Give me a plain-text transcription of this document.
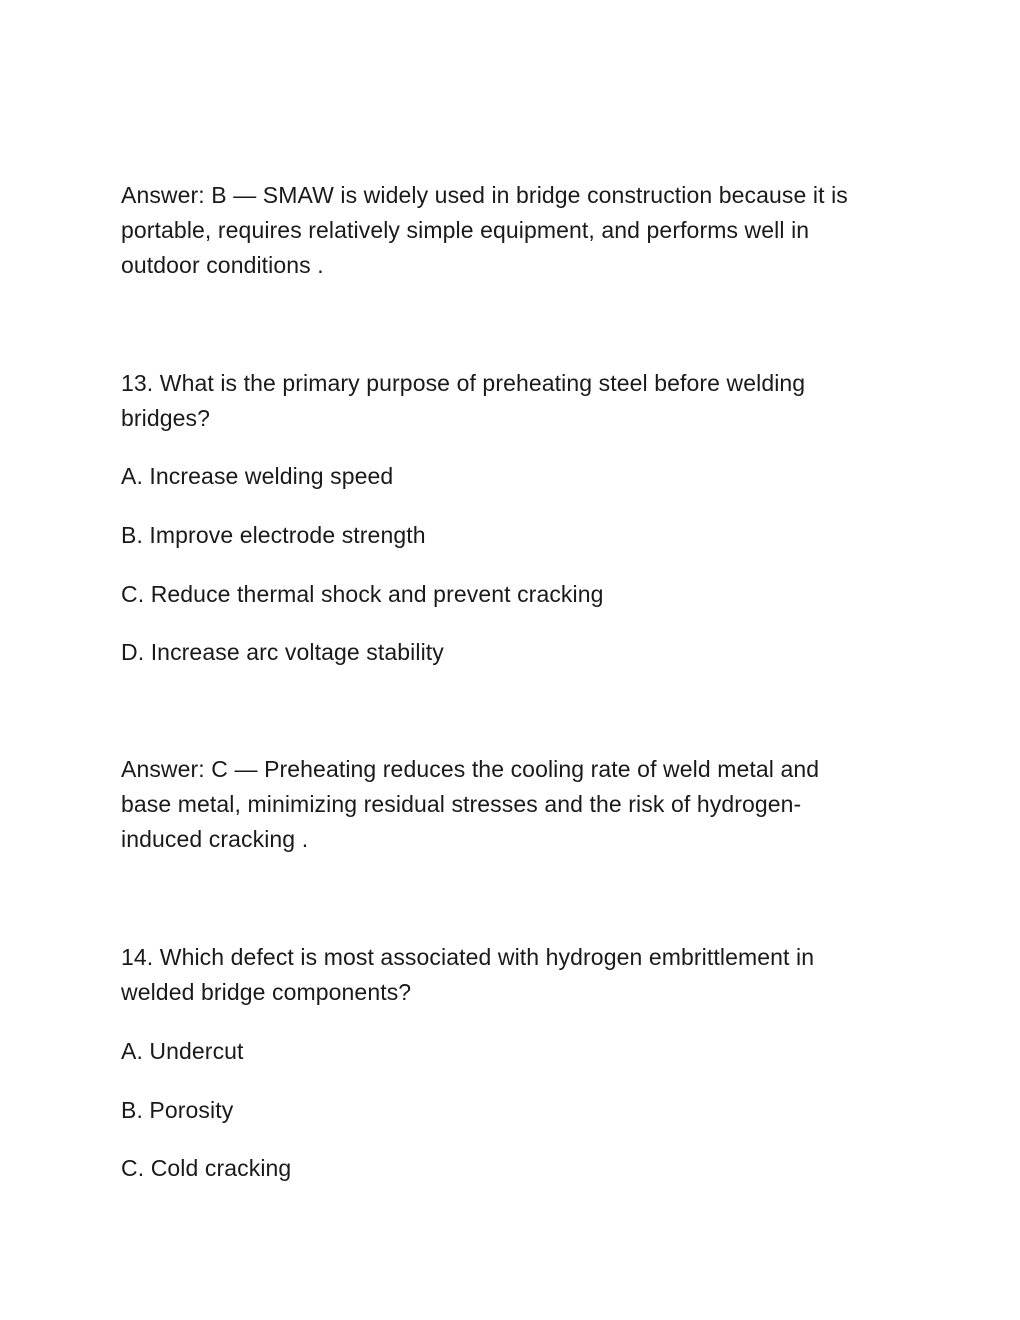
Answer: B — SMAW is widely used in bridge construction because it is
portable, requires relatively simple equipment, and performs well in
outdoor conditions .

13. What is the primary purpose of preheating steel before welding
bridges?

A. Increase welding speed

B. Improve electrode strength

C. Reduce thermal shock and prevent cracking

D. Increase arc voltage stability

Answer: C — Preheating reduces the cooling rate of weld metal and
base metal, minimizing residual stresses and the risk of hydrogen-
induced cracking .

14. Which defect is most associated with hydrogen embrittlement in
welded bridge components?

A. Undercut

B. Porosity

C. Cold cracking
